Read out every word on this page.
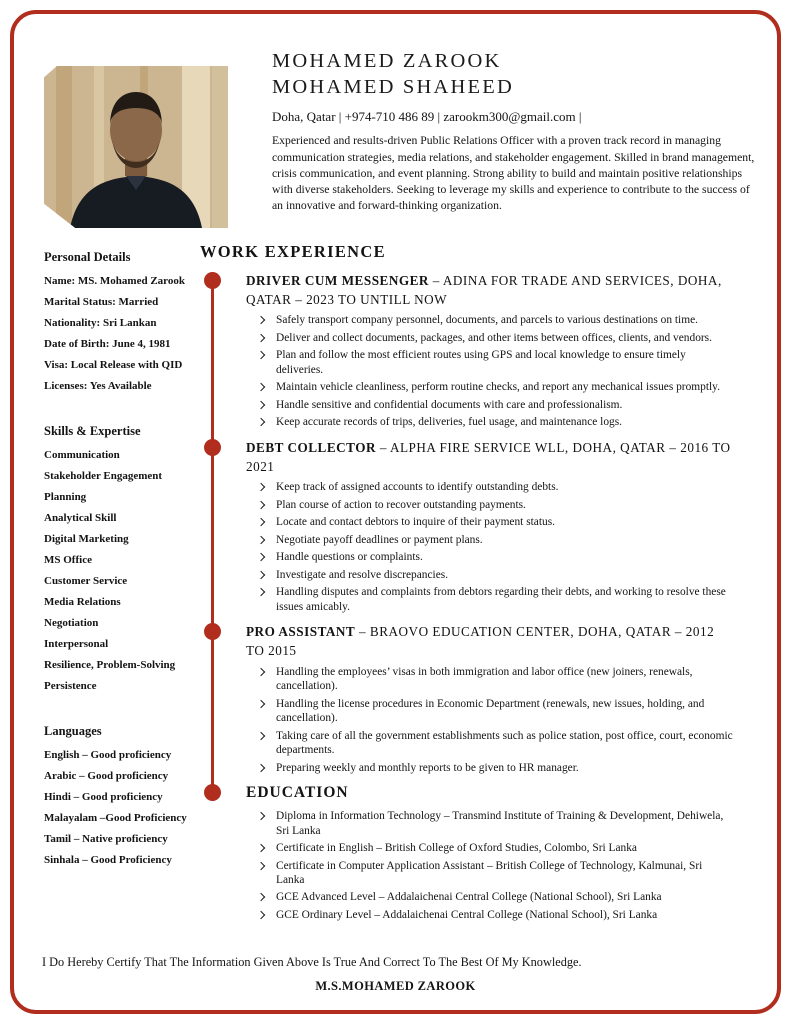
MOHAMED ZAROOK
MOHAMED SHAHEED
Doha, Qatar | +974-710 486 89 | zarookm300@gmail.com |
Experienced and results-driven Public Relations Officer with a proven track record in managing communication strategies, media relations, and stakeholder engagement. Skilled in brand management, crisis communication, and event planning. Strong ability to build and maintain positive relationships with diverse stakeholders. Seeking to leverage my skills and experience to contribute to the success of an innovative and forward-thinking organization.
Personal Details
Name: MS. Mohamed Zarook
Marital Status: Married
Nationality: Sri Lankan
Date of Birth: June 4, 1981
Visa: Local Release with QID
Licenses: Yes Available
Skills & Expertise
Communication
Stakeholder Engagement
Planning
Analytical Skill
Digital Marketing
MS Office
Customer Service
Media Relations
Negotiation
Interpersonal
Resilience, Problem-Solving
Persistence
Languages
English – Good proficiency
Arabic – Good proficiency
Hindi – Good proficiency
Malayalam –Good Proficiency
Tamil – Native proficiency
Sinhala – Good Proficiency
WORK EXPERIENCE
DRIVER CUM MESSENGER – ADINA FOR TRADE AND SERVICES, DOHA, QATAR – 2023 TO UNTILL NOW
Safely transport company personnel, documents, and parcels to various destinations on time.
Deliver and collect documents, packages, and other items between offices, clients, and vendors.
Plan and follow the most efficient routes using GPS and local knowledge to ensure timely deliveries.
Maintain vehicle cleanliness, perform routine checks, and report any mechanical issues promptly.
Handle sensitive and confidential documents with care and professionalism.
Keep accurate records of trips, deliveries, fuel usage, and maintenance logs.
DEBT COLLECTOR – ALPHA FIRE SERVICE WLL, DOHA, QATAR – 2016 TO 2021
Keep track of assigned accounts to identify outstanding debts.
Plan course of action to recover outstanding payments.
Locate and contact debtors to inquire of their payment status.
Negotiate payoff deadlines or payment plans.
Handle questions or complaints.
Investigate and resolve discrepancies.
Handling disputes and complaints from debtors regarding their debts, and working to resolve these issues amicably.
PRO ASSISTANT – BRAOVO EDUCATION CENTER, DOHA, QATAR – 2012 TO 2015
Handling the employees’ visas in both immigration and labor office (new joiners, renewals, cancellation).
Handling the license procedures in Economic Department (renewals, new issues, holding, and cancellation).
Taking care of all the government establishments such as police station, post office, court, economic departments.
Preparing weekly and monthly reports to be given to HR manager.
EDUCATION
Diploma in Information Technology – Transmind Institute of Training & Development, Dehiwela, Sri Lanka
Certificate in English – British College of Oxford Studies, Colombo, Sri Lanka
Certificate in Computer Application Assistant – British College of Technology, Kalmunai, Sri Lanka
GCE Advanced Level – Addalaichenai Central College (National School), Sri Lanka
GCE Ordinary Level – Addalaichenai Central College (National School), Sri Lanka
I Do Hereby Certify That The Information Given Above Is True And Correct To The Best Of My Knowledge.
M.S.MOHAMED ZAROOK
